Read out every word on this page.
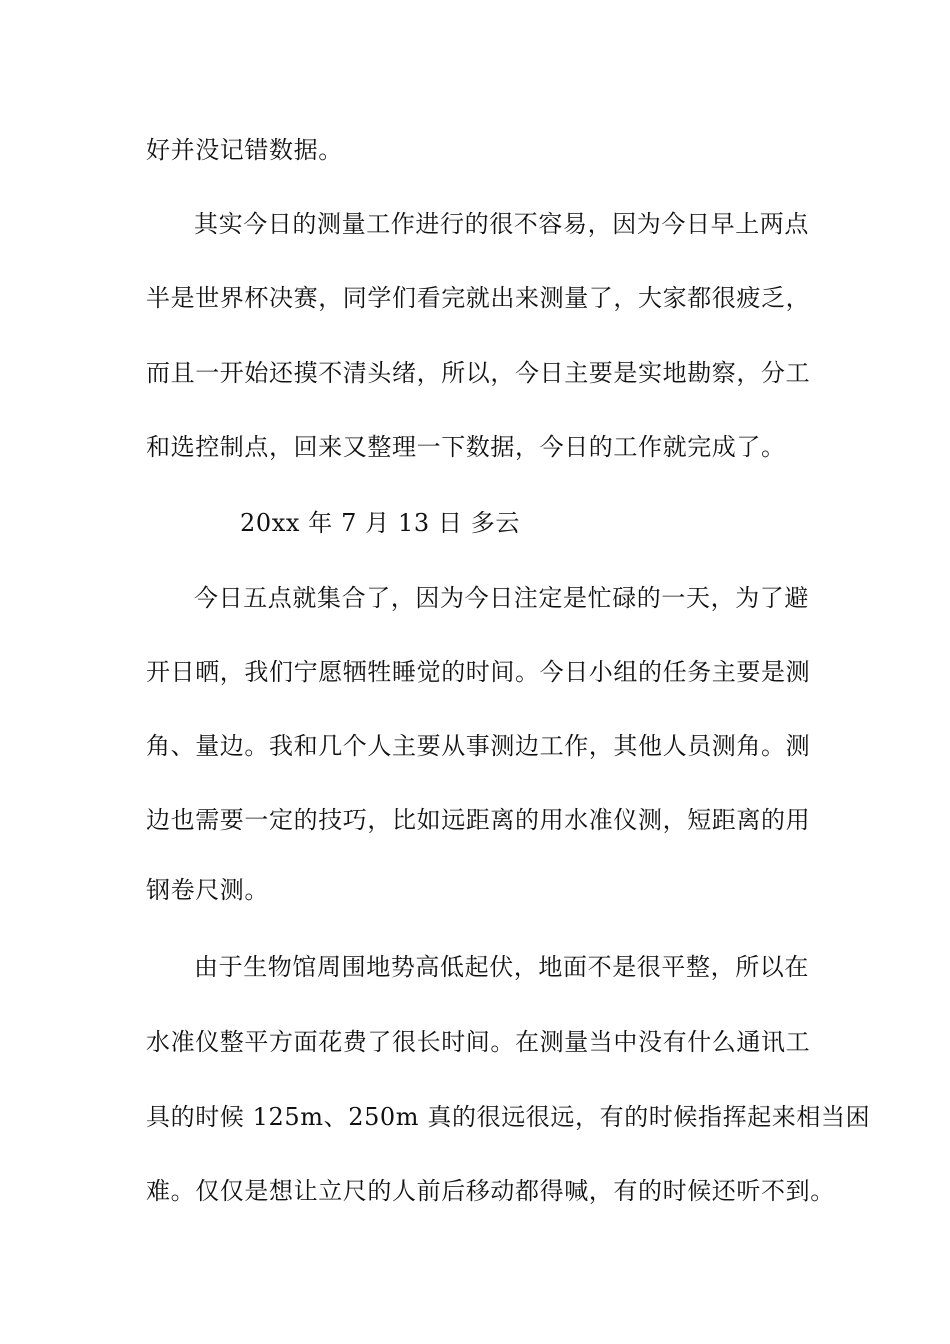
好并没记错数据。
其实今日的测量工作进行的很不容易，因为今日早上两点
半是世界杯决赛，同学们看完就出来测量了，大家都很疲乏，
而且一开始还摸不清头绪，所以，今日主要是实地勘察，分工
和选控制点，回来又整理一下数据，今日的工作就完成了。
20xx 年 7 月 13 日 多云
今日五点就集合了，因为今日注定是忙碌的一天，为了避
开日晒，我们宁愿牺牲睡觉的时间。今日小组的任务主要是测
角、量边。我和几个人主要从事测边工作，其他人员测角。测
边也需要一定的技巧，比如远距离的用水准仪测，短距离的用
钢卷尺测。
由于生物馆周围地势高低起伏，地面不是很平整，所以在
水准仪整平方面花费了很长时间。在测量当中没有什么通讯工
具的时候 125m、250m 真的很远很远，有的时候指挥起来相当困
难。仅仅是想让立尺的人前后移动都得喊，有的时候还听不到。
